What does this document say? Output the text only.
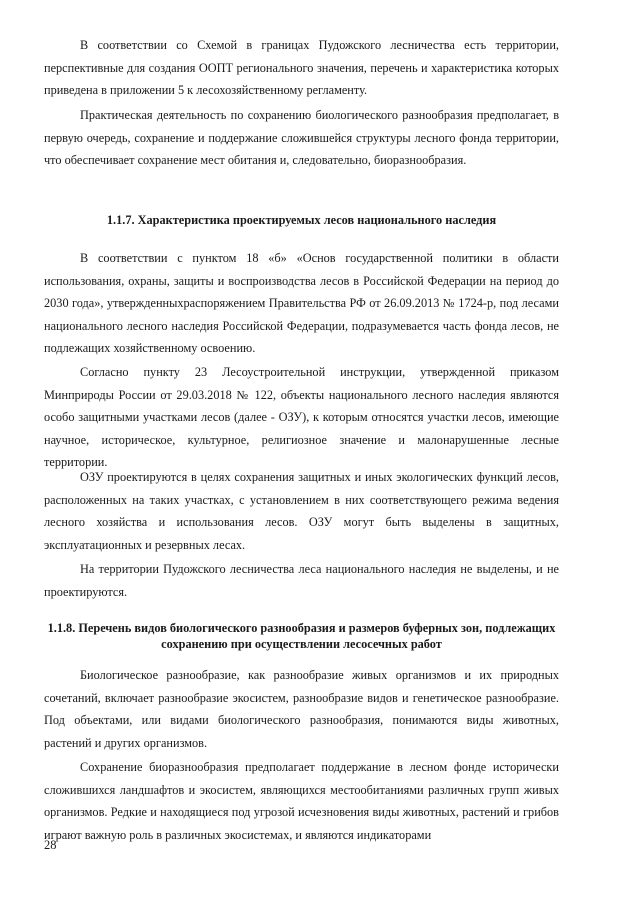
В соответствии со Схемой в границах Пудожского лесничества есть территории, перспективные для создания ООПТ регионального значения, перечень и характеристика которых приведена в приложении 5 к лесохозяйственному регламенту.

Практическая деятельность по сохранению биологического разнообразия предполагает, в первую очередь, сохранение и поддержание сложившейся структуры лесного фонда территории, что обеспечивает сохранение мест обитания и, следовательно, биоразнообразия.

1.1.7. Характеристика проектируемых лесов национального наследия

В соответствии с пунктом 18 «б» «Основ государственной политики в области использования, охраны, защиты и воспроизводства лесов в Российской Федерации на период до 2030 года», утвержденныхраспоряжением Правительства РФ от 26.09.2013 № 1724-р, под лесами национального лесного наследия Российской Федерации, подразумевается часть фонда лесов, не подлежащих хозяйственному освоению.

Согласно пункту 23 Лесоустроительной инструкции, утвержденной приказом Минприроды России от 29.03.2018 № 122, объекты национального лесного наследия являются особо защитными участками лесов (далее - ОЗУ), к которым относятся участки лесов, имеющие научное, историческое, культурное, религиозное значение и малонарушенные лесные территории.

ОЗУ проектируются в целях сохранения защитных и иных экологических функций лесов, расположенных на таких участках, с установлением в них соответствующего режима ведения лесного хозяйства и использования лесов. ОЗУ могут быть выделены в защитных, эксплуатационных и резервных лесах.

На территории Пудожского лесничества леса национального наследия не выделены, и не проектируются.

1.1.8. Перечень видов биологического разнообразия и размеров буферных зон, подлежащих сохранению при осуществлении лесосечных работ

Биологическое разнообразие, как разнообразие живых организмов и их природных сочетаний, включает разнообразие экосистем, разнообразие видов и генетическое разнообразие. Под объектами, или видами биологического разнообразия, понимаются виды животных, растений и других организмов.

Сохранение биоразнообразия предполагает поддержание в лесном фонде исторически сложившихся ландшафтов и экосистем, являющихся местообитаниями различных групп живых организмов. Редкие и находящиеся под угрозой исчезновения виды животных, растений и грибов играют важную роль в различных экосистемах, и являются индикаторами

28
